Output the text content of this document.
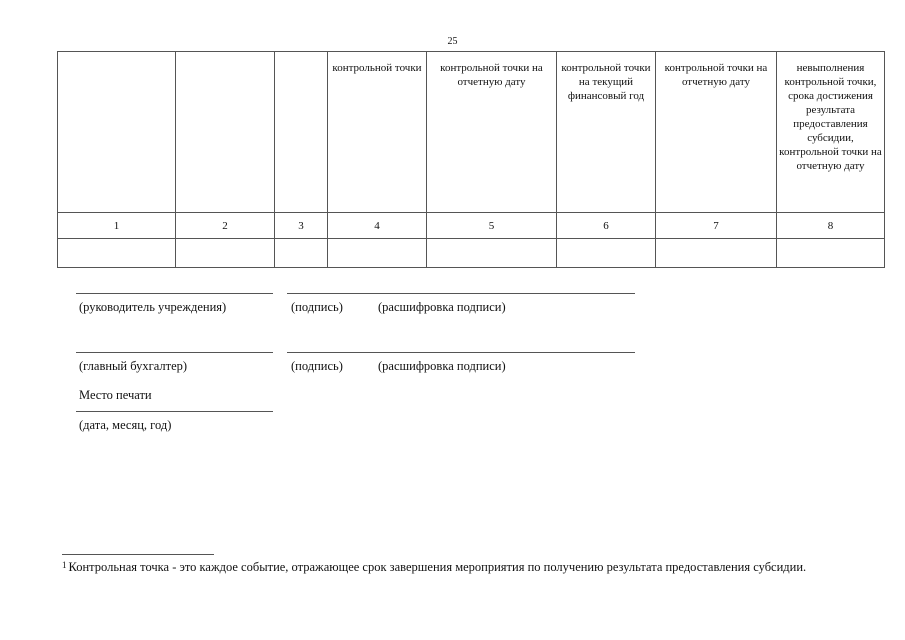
25
			контрольной точки	контрольной точки на отчетную дату	контрольной точки на текущий финансовый год	контрольной точки на отчетную дату	невыполнения контрольной точки, срока достижения результата предоставления субсидии, контрольной точки на отчетную дату
1	2	3	4	5	6	7	8

(руководитель учреждения)	(подпись)	(расшифровка подписи)
(главный бухгалтер)	(подпись)	(расшифровка подписи)
Место печати
(дата, месяц, год)
$^1$ Контрольная точка - это каждое событие, отражающее срок завершения мероприятия по получению результата предоставления субсидии.
